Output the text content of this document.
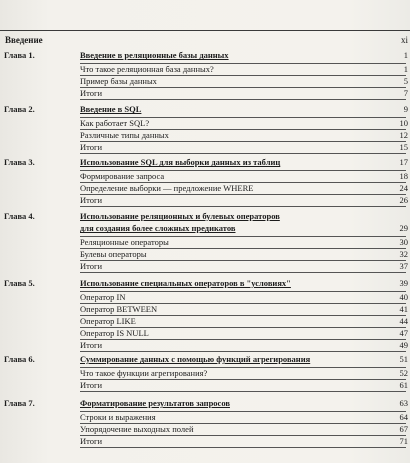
Введение	xi
Глава 1.	Введение в реляционные базы данных	1
Что такое реляционная база данных?	1
Пример базы данных	5
Итоги	7
Глава 2.	Введение в SQL	9
Как работает SQL?	10
Различные типы данных	12
Итоги	15
Глава 3.	Использование SQL для выборки данных из таблиц	17
Формирование запроса	18
Определение выборки — предложение WHERE	24
Итоги	26
Глава 4.	Использование реляционных и булевых операторов
для создания более сложных предикатов	29
Реляционные операторы	30
Булевы операторы	32
Итоги	37
Глава 5.	Использование специальных операторов в "условиях"	39
Оператор IN	40
Оператор BETWEEN	41
Оператор LIKE	44
Оператор IS NULL	47
Итоги	49
Глава 6.	Суммирование данных с помощью функций агрегирования	51
Что такое функции агрегирования?	52
Итоги	61
Глава 7.	Форматирование результатов запросов	63
Строки и выражения	64
Упорядочение выходных полей	67
Итоги	71
